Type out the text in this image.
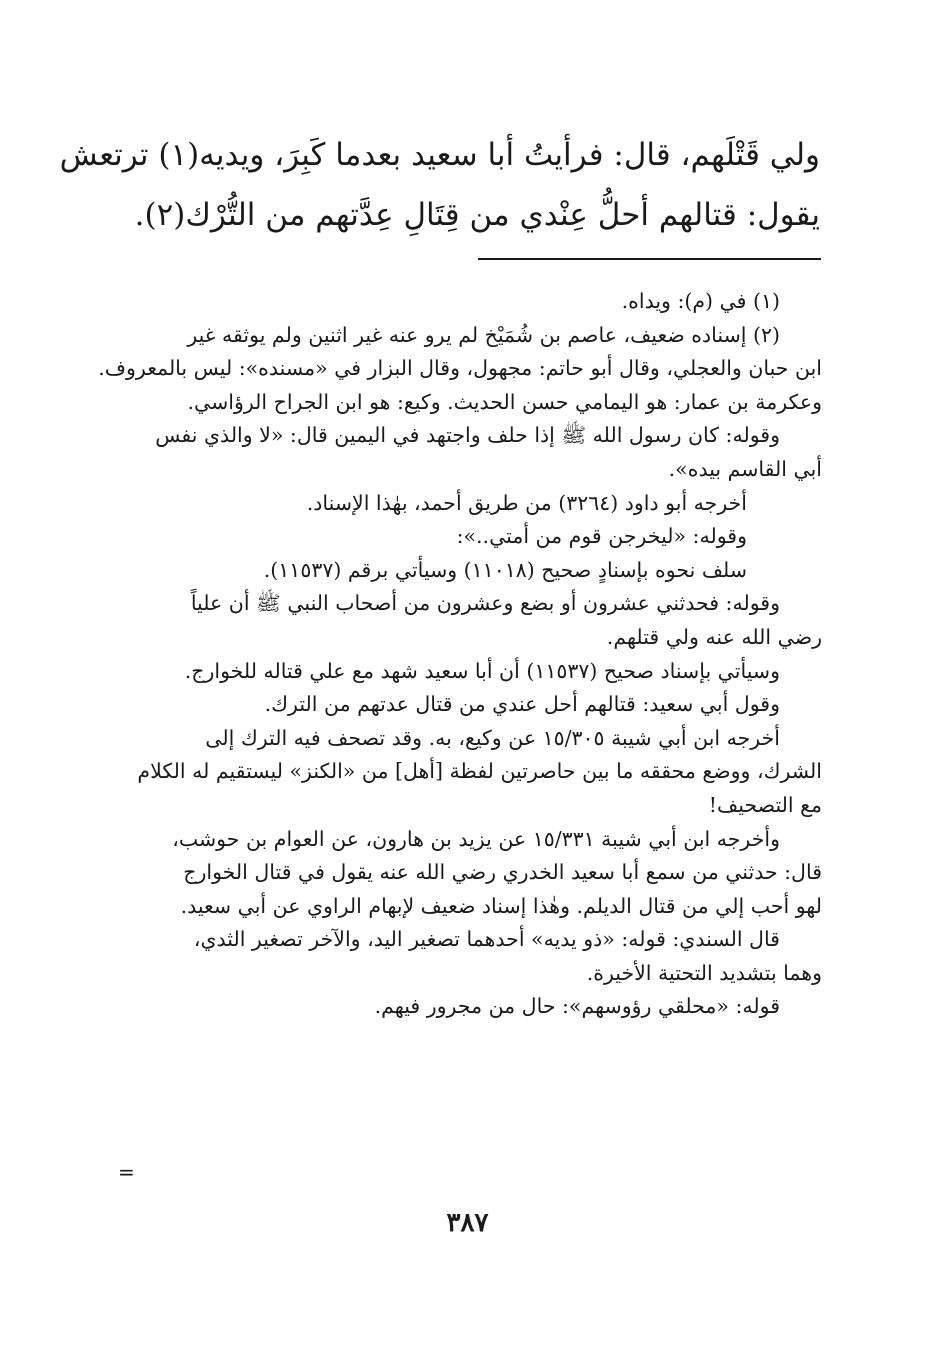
ولي قَتْلَهم، قال: فرأيتُ أبا سعيد بعدما كَبِرَ، ويديه(١) ترتعش
يقول: قتالهم أحلُّ عِنْدي من قِتَالِ عِدَّتهم من التُّرْك(٢).
(١) في (م): ويداه.
(٢) إسناده ضعيف، عاصم بن شُمَيْخ لم يرو عنه غير اثنين ولم يوثقه غير
ابن حبان والعجلي، وقال أبو حاتم: مجهول، وقال البزار في «مسنده»: ليس بالمعروف.
وعكرمة بن عمار: هو اليمامي حسن الحديث. وكيع: هو ابن الجراح الرؤاسي.
وقوله: كان رسول الله ﷺ إذا حلف واجتهد في اليمين قال: «لا والذي نفس
أبي القاسم بيده».
أخرجه أبو داود (٣٢٦٤) من طريق أحمد، بهٰذا الإسناد.
وقوله: «ليخرجن قوم من أمتي..»:
سلف نحوه بإسنادٍ صحيح (١١٠١٨) وسيأتي برقم (١١٥٣٧).
وقوله: فحدثني عشرون أو بضع وعشرون من أصحاب النبي ﷺ أن علياً
رضي الله عنه ولي قتلهم.
وسيأتي بإسناد صحيح (١١٥٣٧) أن أبا سعيد شهد مع علي قتاله للخوارج.
وقول أبي سعيد: قتالهم أحل عندي من قتال عدتهم من الترك.
أخرجه ابن أبي شيبة ١٥/٣٠٥ عن وكيع، به. وقد تصحف فيه الترك إلى
الشرك، ووضع محققه ما بين حاصرتين لفظة [أهل] من «الكنز» ليستقيم له الكلام
مع التصحيف!
وأخرجه ابن أبي شيبة ١٥/٣٣١ عن يزيد بن هارون، عن العوام بن حوشب،
قال: حدثني من سمع أبا سعيد الخدري رضي الله عنه يقول في قتال الخوارج
لهو أحب إلي من قتال الديلم. وهٰذا إسناد ضعيف لإبهام الراوي عن أبي سعيد.
قال السندي: قوله: «ذو يديه» أحدهما تصغير اليد، والآخر تصغير الثدي،
وهما بتشديد التحتية الأخيرة.
قوله: «محلقي رؤوسهم»: حال من مجرور فيهم.
=
٣٨٧
